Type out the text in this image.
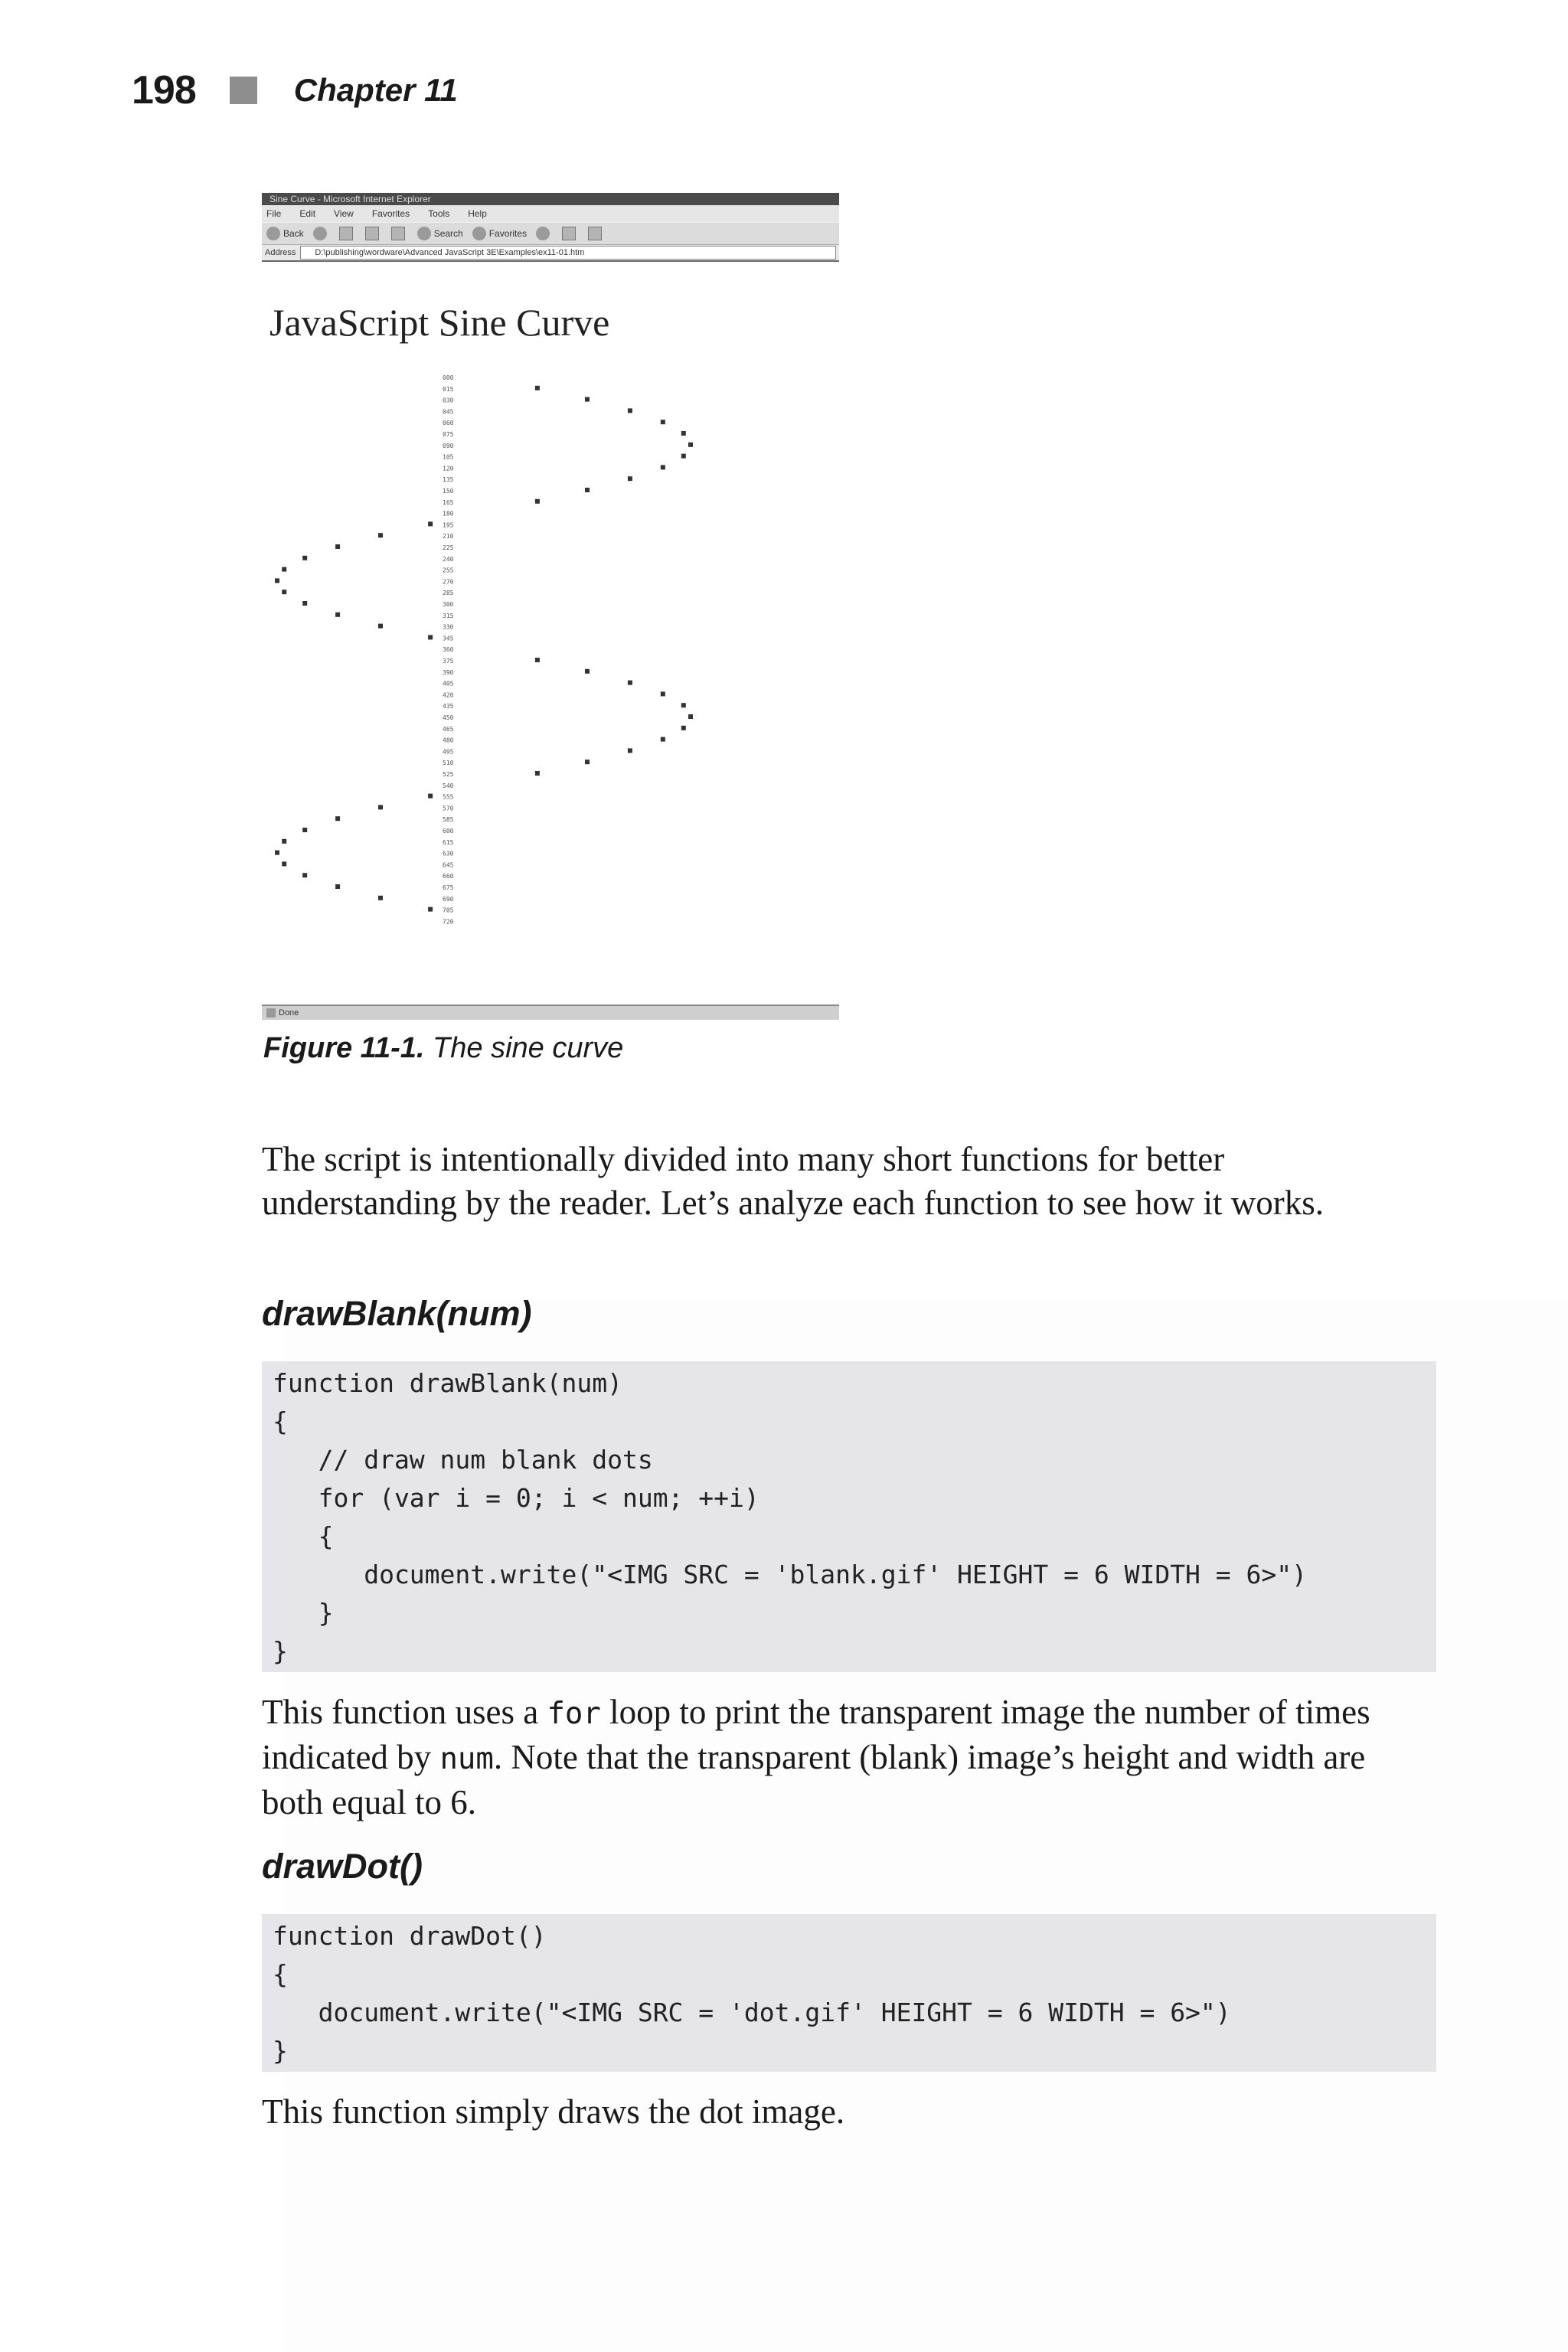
198	Chapter 11
Sine Curve - Microsoft Internet Explorer
File Edit View Favorites Tools Help
Back	Search	Favorites
Address	D:\publishing\wordware\Advanced JavaScript 3E\Examples\ex11-01.htm
JavaScript Sine Curve
000
015
030
045
060
075
090
105
120
135
150
165
180
195
210
225
240
255
270
285
300
315
330
345
360
375
390
405
420
435
450
465
480
495
510
525
540
555
570
585
600
615
630
645
660
675
690
705
720
Done
Figure 11-1. The sine curve
The script is intentionally divided into many short functions for better understanding by the reader. Let’s analyze each function to see how it works.
drawBlank(num)
function drawBlank(num)
{
// draw num blank dots
for (var i = 0; i < num; ++i)
{
document.write("<IMG SRC = 'blank.gif' HEIGHT = 6 WIDTH = 6>")
}
}
This function uses a for loop to print the transparent image the number of times indicated by num. Note that the transparent (blank) image’s height and width are both equal to 6.
drawDot()
function drawDot()
{
document.write("<IMG SRC = 'dot.gif' HEIGHT = 6 WIDTH = 6>")
}
This function simply draws the dot image.
